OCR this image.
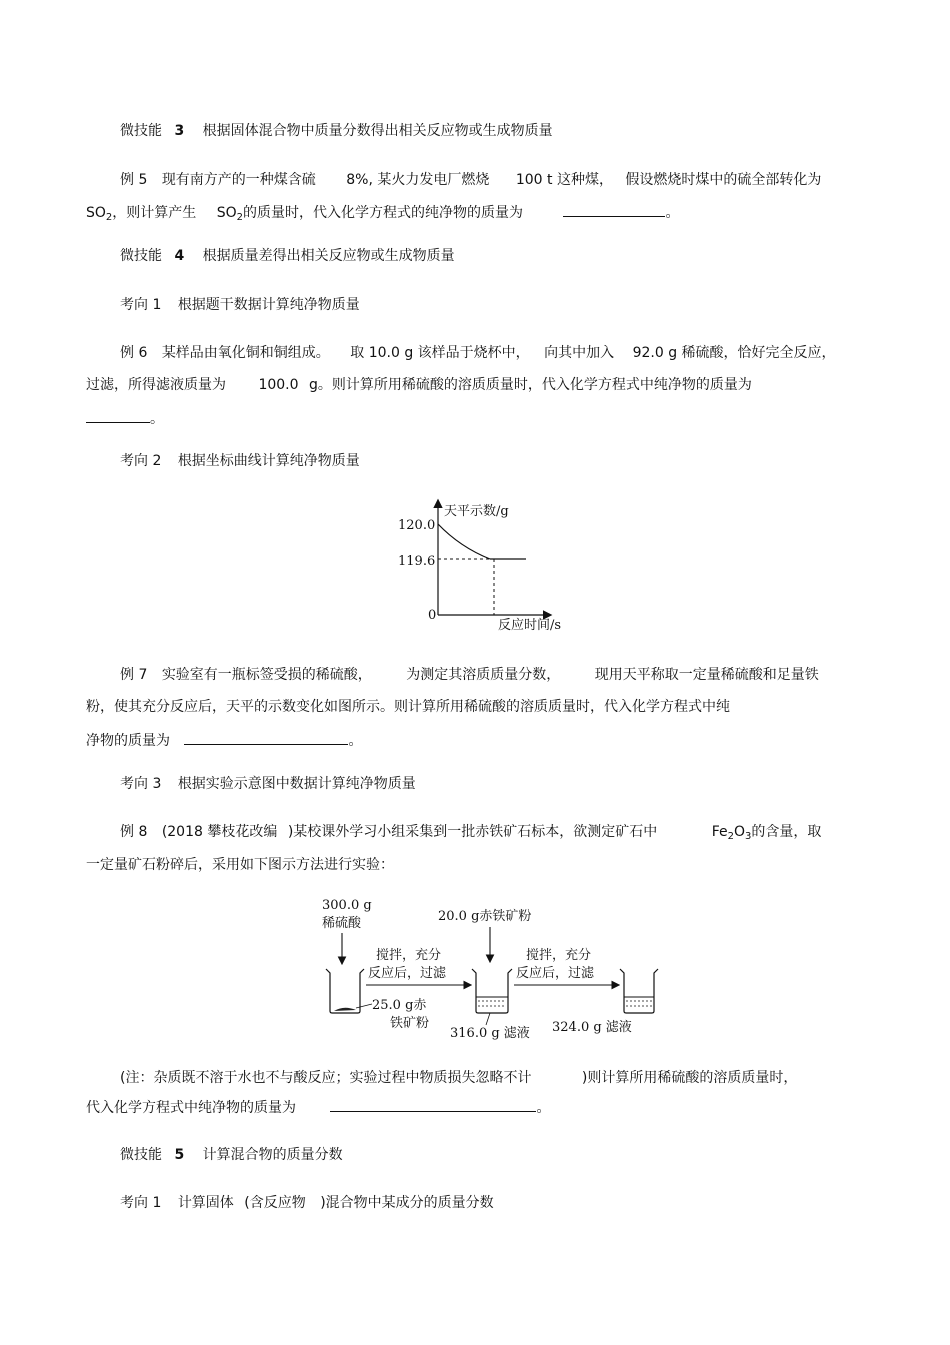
微技能 3 根据固体混合物中质量分数得出相关反应物或生成物质量
例 5 现有南方产的一种煤含硫 8%, 某火力发电厂燃烧 100 t 这种煤， 假设燃烧时煤中的硫全部转化为
$SO_2$，则计算产生 $SO_2$的质量时，代入化学方程式的纯净物的质量为	。
微技能 4 根据质量差得出相关反应物或生成物质量
考向 1 根据题干数据计算纯净物质量
例 6 某样品由氧化铜和铜组成。 取 10.0 g 该样品于烧杯中， 向其中加入 92.0 g 稀硫酸，恰好完全反应，
过滤，所得滤液质量为 100.0 g。则计算所用稀硫酸的溶质质量时，代入化学方程式中纯净物的质量为
。
考向 2 根据坐标曲线计算纯净物质量
天平示数/g
反应时间/s
120.0
119.6
0
例 7 实验室有一瓶标签受损的稀硫酸， 为测定其溶质质量分数， 现用天平称取一定量稀硫酸和足量铁
粉，使其充分反应后，天平的示数变化如图所示。则计算所用稀硫酸的溶质质量时，代入化学方程式中纯
净物的质量为	。
考向 3 根据实验示意图中数据计算纯净物质量
例 8 (2018 攀枝花改编 )某校课外学习小组采集到一批赤铁矿石标本，欲测定矿石中	$Fe_2O_3$的含量，取
一定量矿石粉碎后，采用如下图示方法进行实验：
300.0 g
稀硫酸
25.0 g赤
铁矿粉
搅拌，充分
反应后，过滤
20.0 g赤铁矿粉
316.0 g 滤液
搅拌，充分
反应后，过滤
324.0 g 滤液
(注：杂质既不溶于水也不与酸反应；实验过程中物质损失忽略不计	)则计算所用稀硫酸的溶质质量时，
代入化学方程式中纯净物的质量为	。
微技能 5 计算混合物的质量分数
考向 1 计算固体 (含反应物 )混合物中某成分的质量分数
